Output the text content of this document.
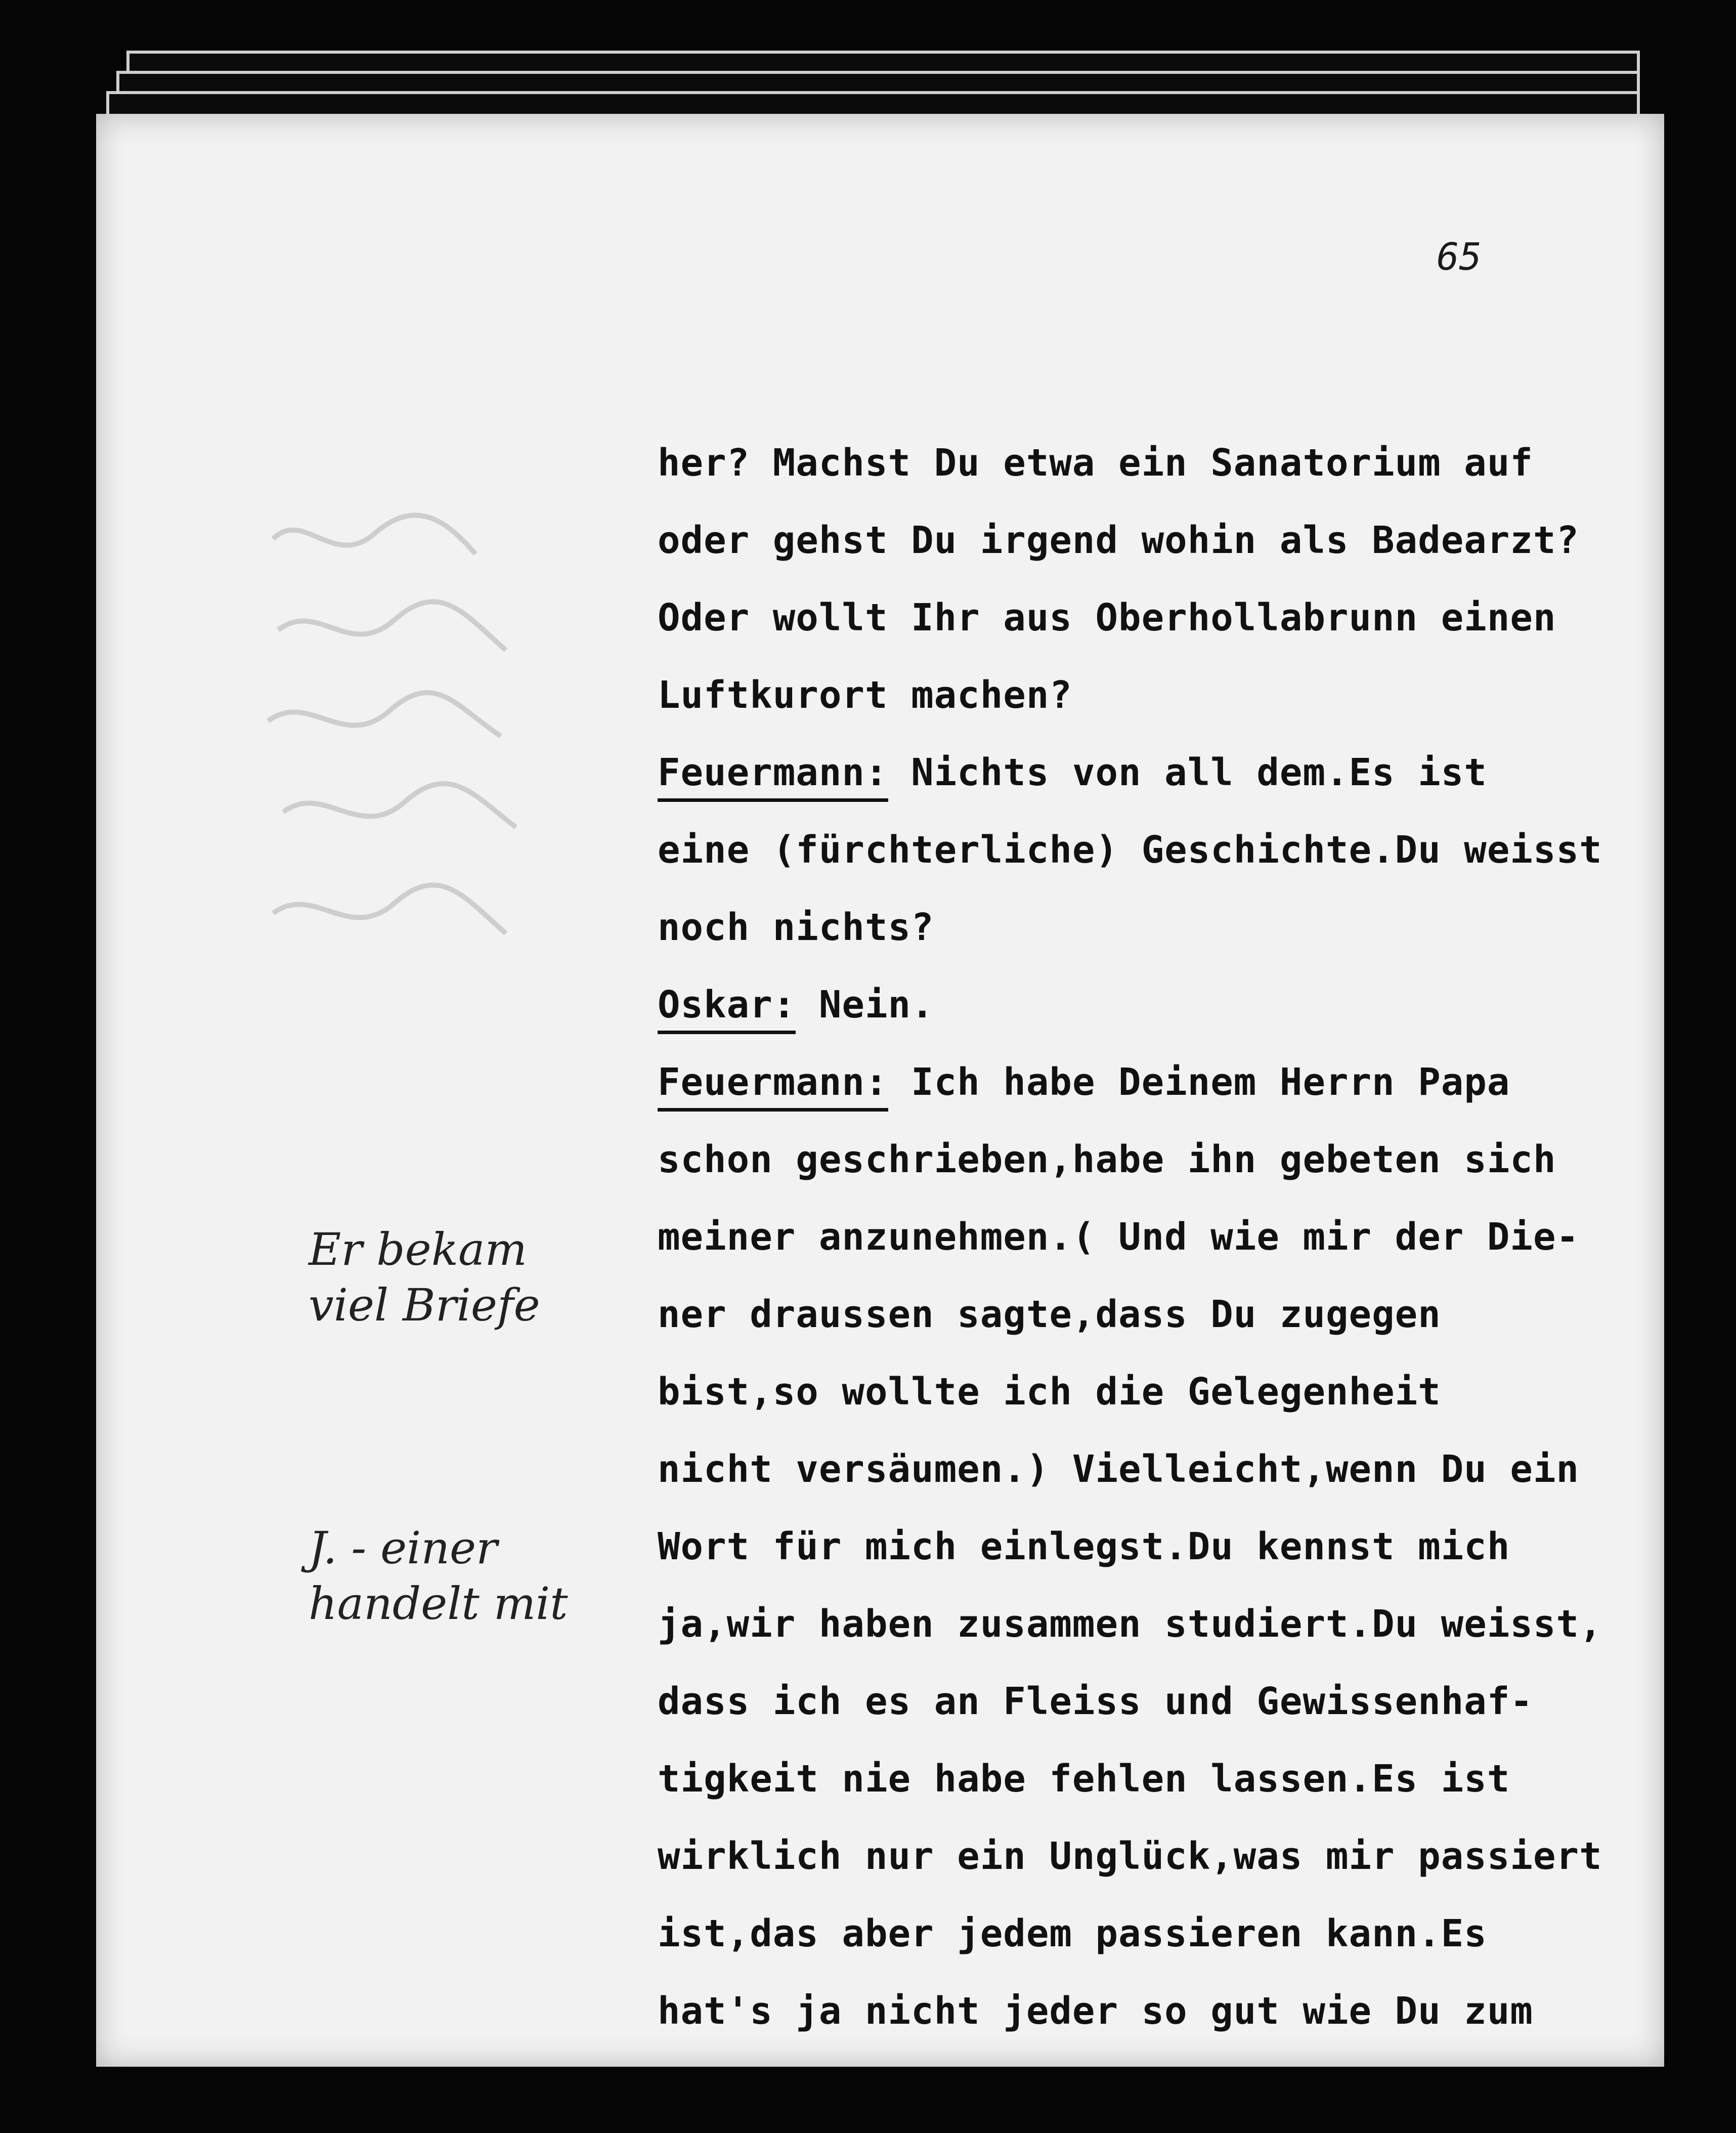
65
her? Machst Du etwa ein Sanatorium auf
oder gehst Du irgend wohin als Badearzt?
Oder wollt Ihr aus Oberhollabrunn einen
Luftkurort machen?
Feuermann: Nichts von all dem.Es ist
eine (fürchterliche) Geschichte.Du weisst
noch nichts?
Oskar: Nein.
Feuermann: Ich habe Deinem Herrn Papa
schon geschrieben,habe ihn gebeten sich
meiner anzunehmen.( Und wie mir der Die-
ner draussen sagte,dass Du zugegen
bist,so wollte ich die Gelegenheit
nicht versäumen.) Vielleicht,wenn Du ein
Wort für mich einlegst.Du kennst mich
ja,wir haben zusammen studiert.Du weisst,
dass ich es an Fleiss und Gewissenhaf-
tigkeit nie habe fehlen lassen.Es ist
wirklich nur ein Unglück,was mir passiert
ist,das aber jedem passieren kann.Es
hat's ja nicht jeder so gut wie Du zum
Er bekam
viel Briefe
J. - einer
handelt mit
